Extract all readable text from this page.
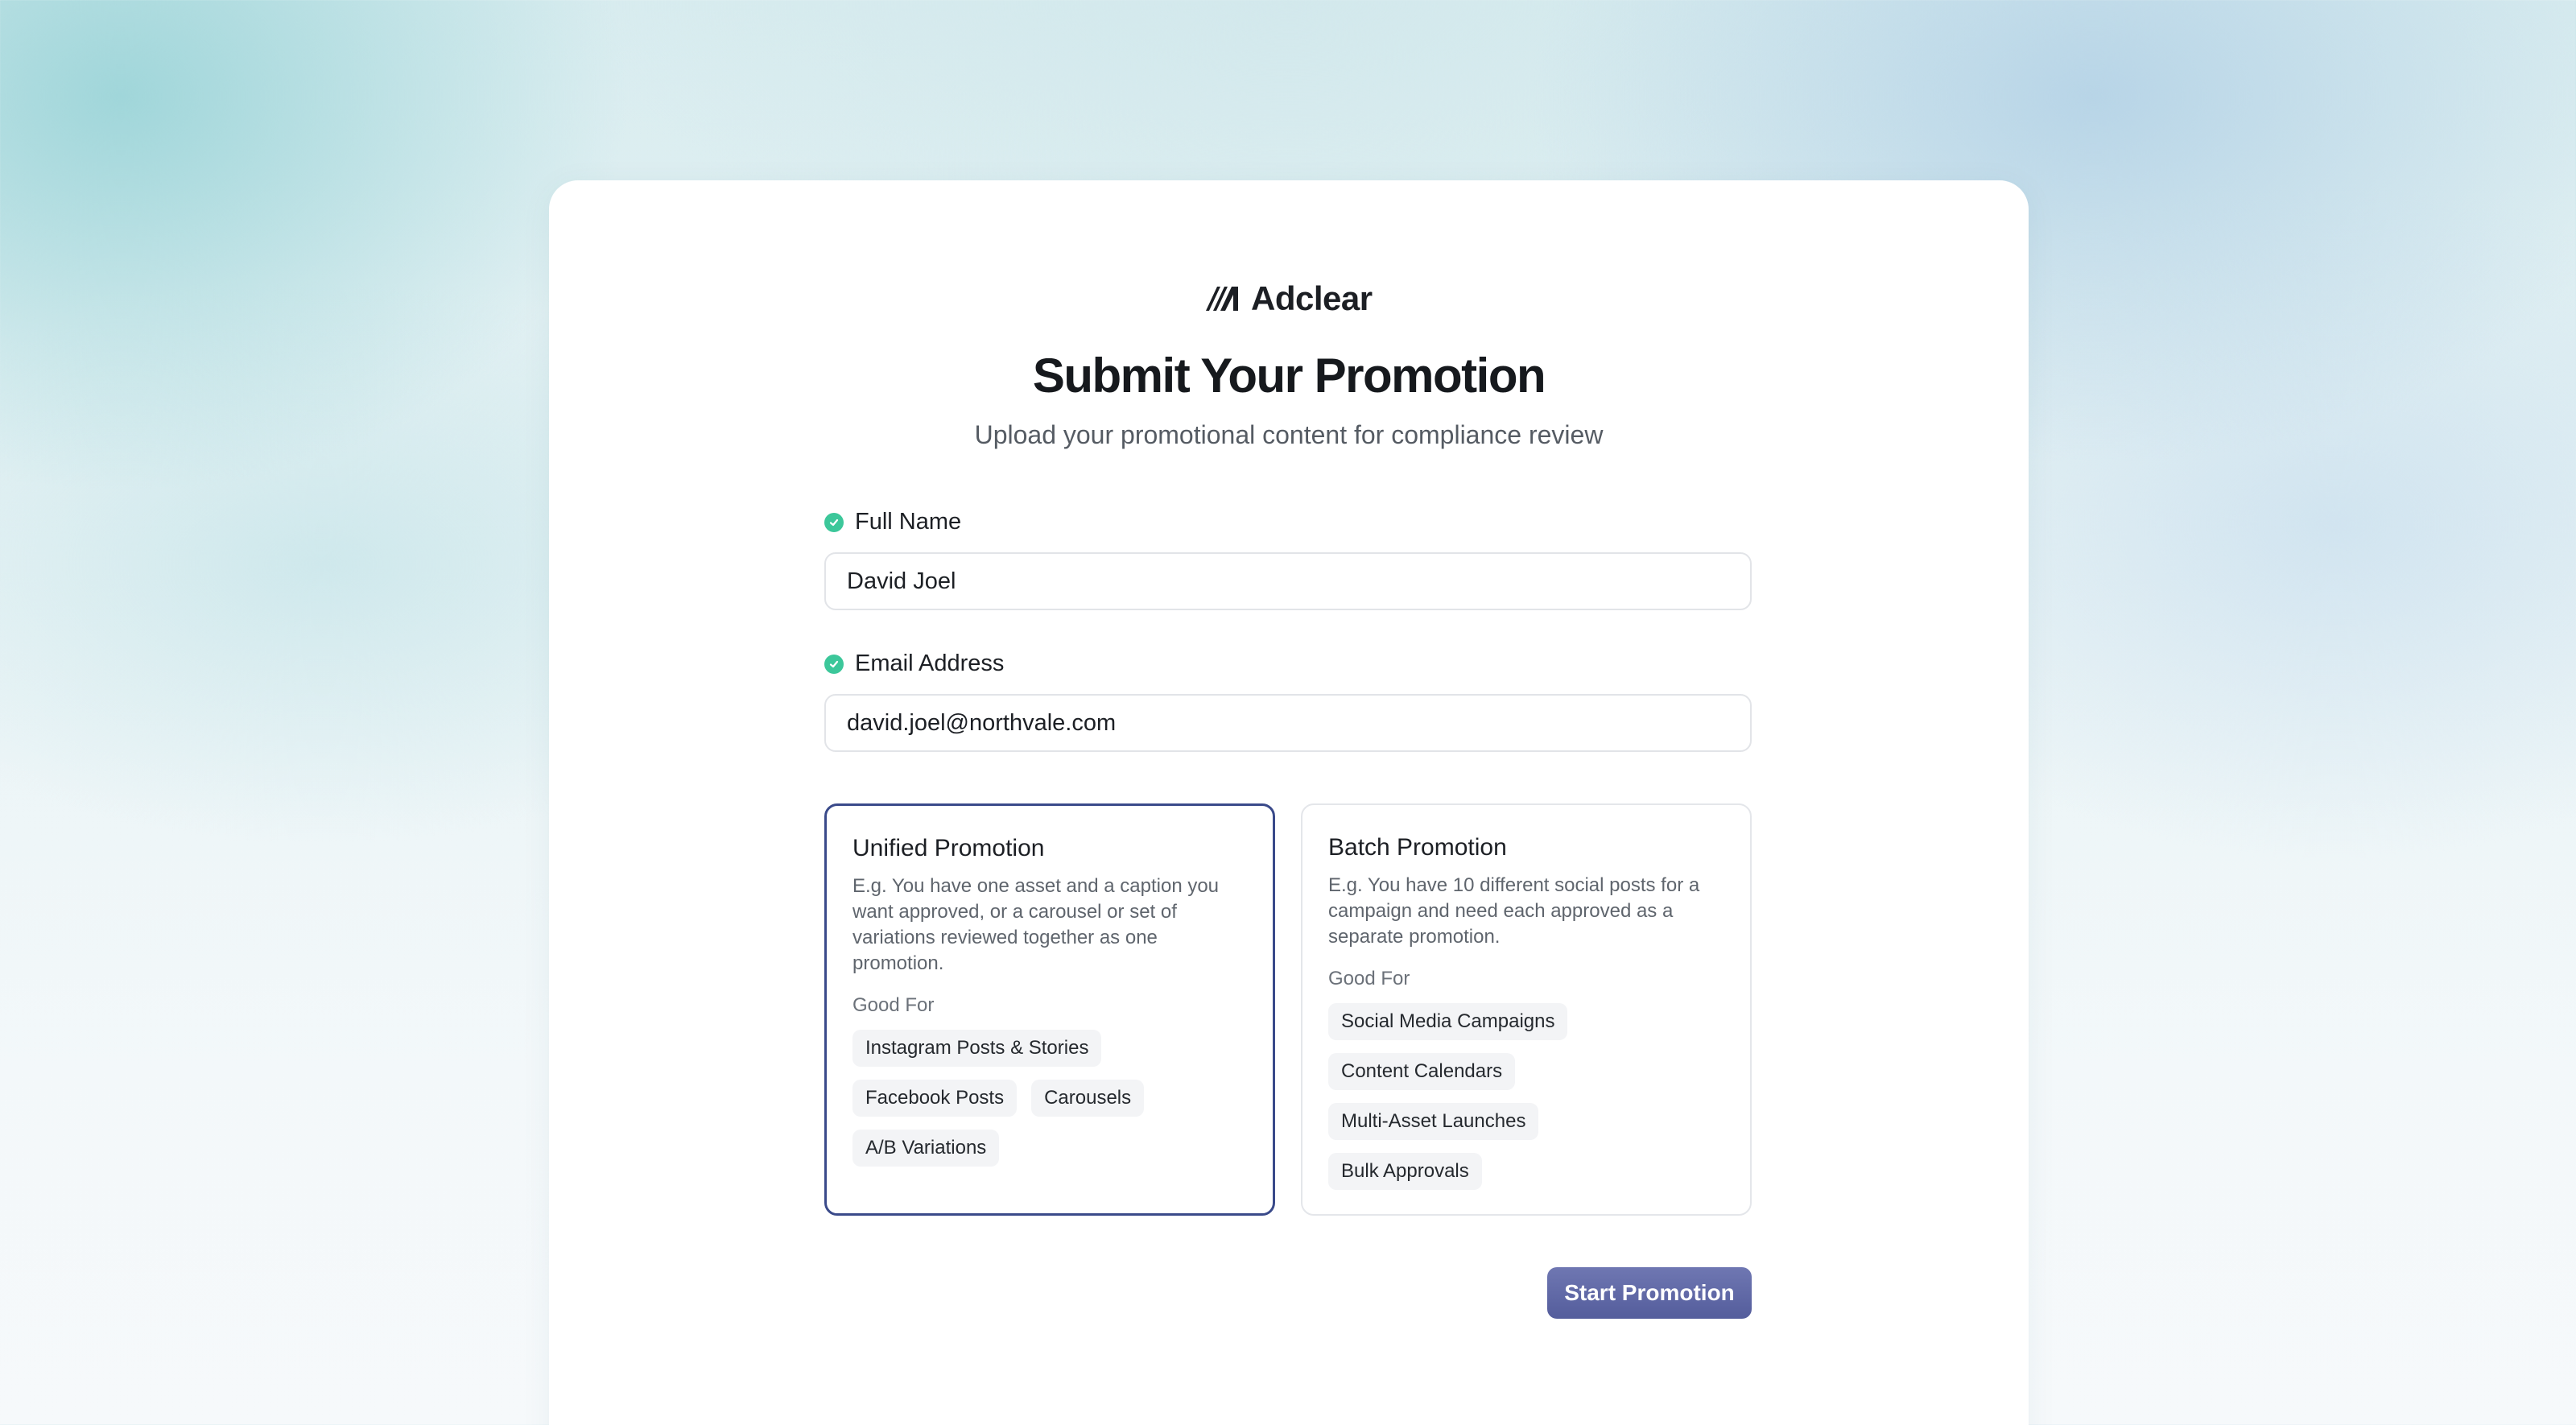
Adclear
Submit Your Promotion
Upload your promotional content for compliance review
Full Name
David Joel
Email Address
david.joel@northvale.com
Unified Promotion
E.g. You have one asset and a caption you want approved, or a carousel or set of variations reviewed together as one promotion.
Good For
Instagram Posts & Stories
Facebook Posts	Carousels
A/B Variations
Batch Promotion
E.g. You have 10 different social posts for a campaign and need each approved as a separate promotion.
Good For
Social Media Campaigns
Content Calendars
Multi-Asset Launches
Bulk Approvals
Start Promotion
